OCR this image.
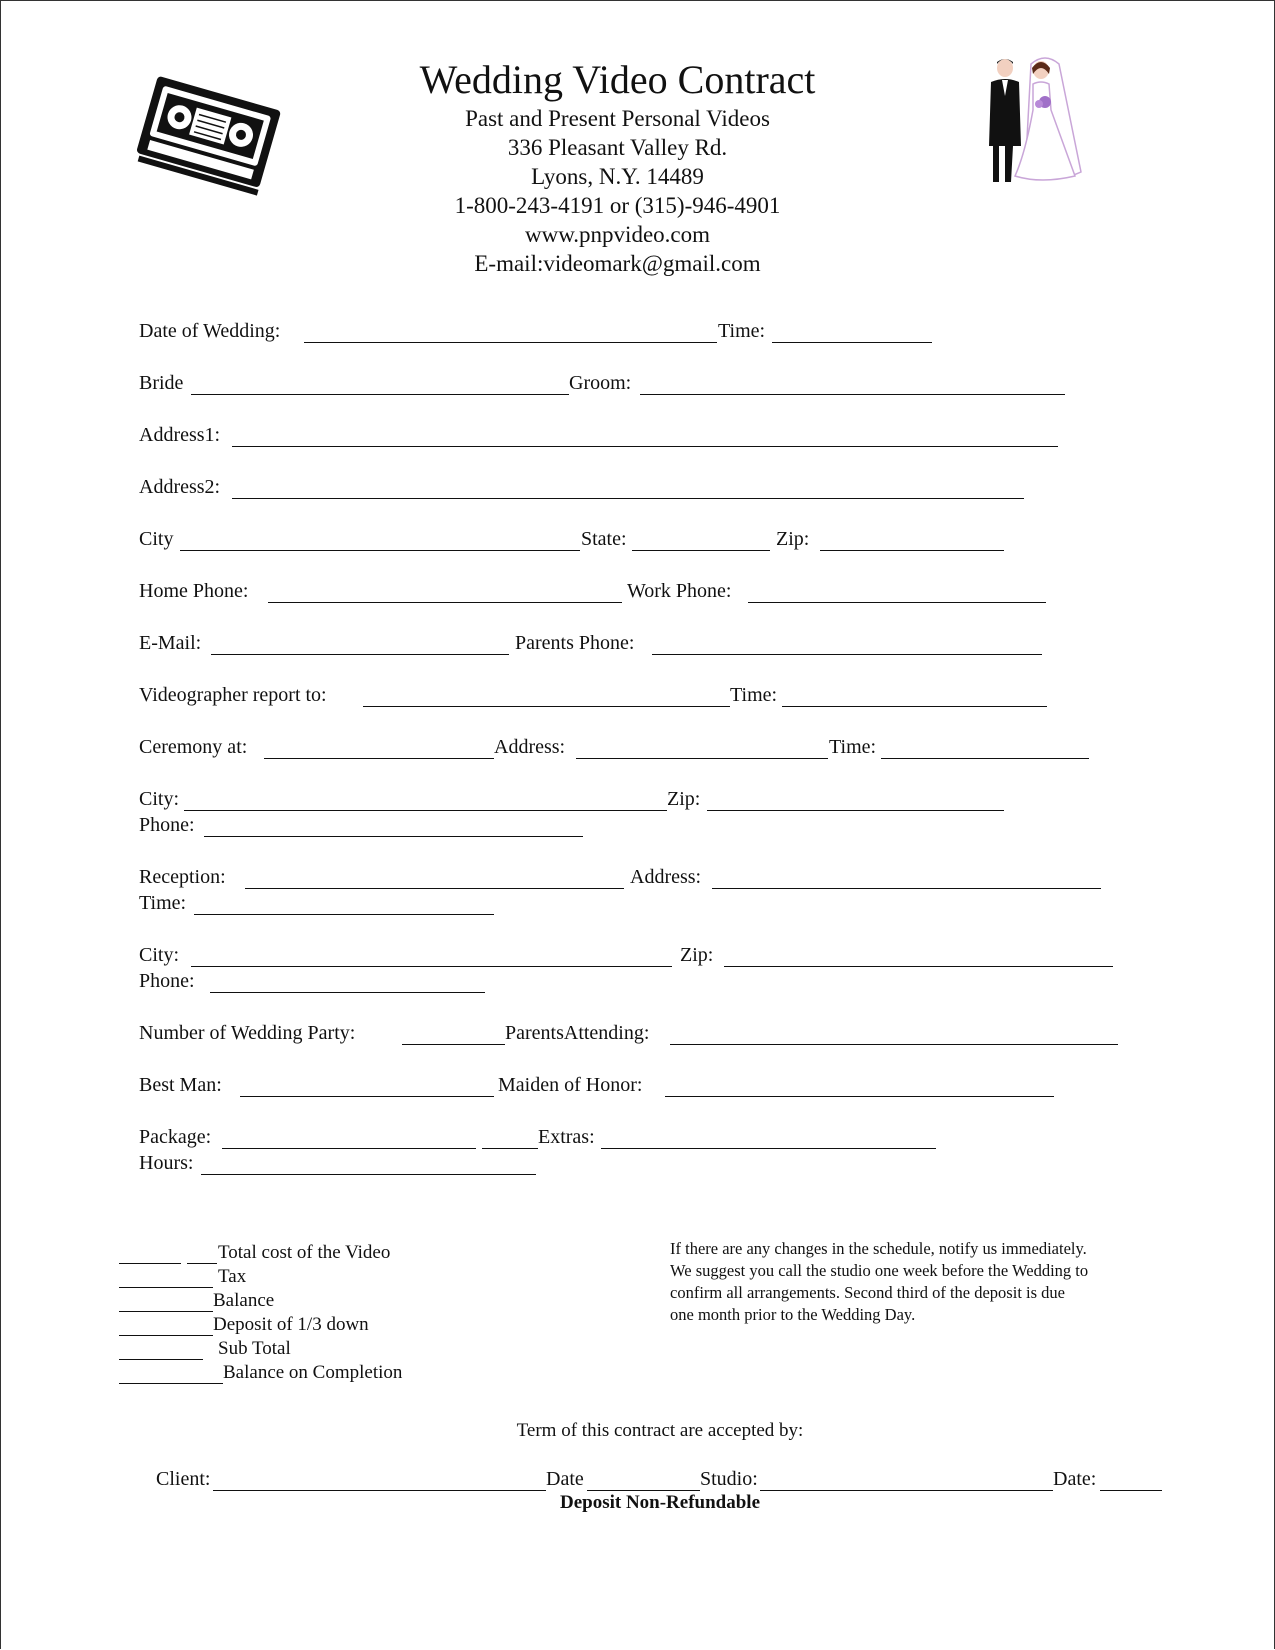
Wedding Video Contract
Past and Present Personal Videos
336 Pleasant Valley Rd.
Lyons, N.Y. 14489
1-800-243-4191 or (315)-946-4901
www.pnpvideo.com
E-mail:videomark@gmail.com
Date of Wedding:	Time:
Bride	Groom:
Address1:
Address2:
City	State:	Zip:
Home Phone:	Work Phone:
E-Mail:	Parents Phone:
Videographer report to:	Time:
Ceremony at:	Address:	Time:
City:	Zip:
Phone:
Reception:	Address:
Time:
City:	Zip:
Phone:
Number of Wedding Party:	ParentsAttending:
Best Man:	Maiden of Honor:
Package:	Extras:
Hours:
Total cost of the Video
Tax
Balance
Deposit of 1/3 down
Sub Total
Balance on Completion
If there are any changes in the schedule, notify us immediately. We suggest you call the studio one week before the Wedding to confirm all arrangements. Second third of the deposit is due one month prior to the Wedding Day.
Term of this contract are accepted by:
Client:	Date	Studio:	Date:
Deposit Non-Refundable
